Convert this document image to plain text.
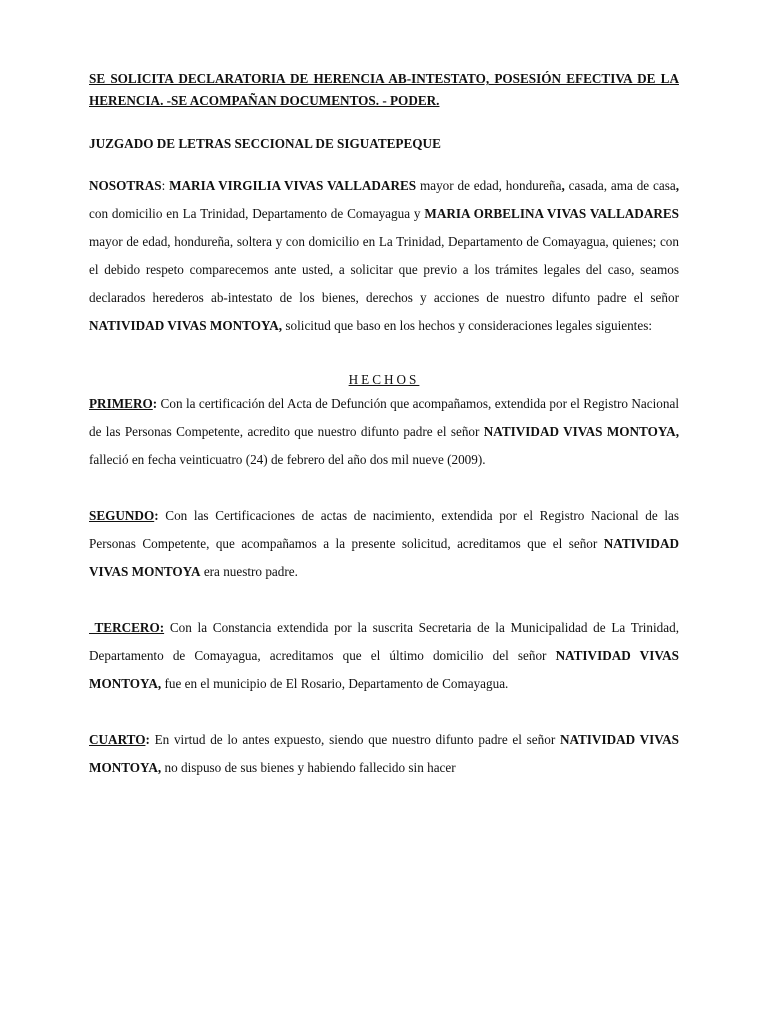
SE SOLICITA DECLARATORIA DE HERENCIA AB-INTESTATO, POSESIÓN EFECTIVA DE LA HERENCIA. -SE ACOMPAÑAN DOCUMENTOS. - PODER.

JUZGADO DE LETRAS SECCIONAL DE SIGUATEPEQUE

NOSOTRAS: MARIA VIRGILIA VIVAS VALLADARES mayor de edad, hondureña, casada, ama de casa, con domicilio en La Trinidad, Departamento de Comayagua y MARIA ORBELINA VIVAS VALLADARES mayor de edad, hondureña, soltera y con domicilio en La Trinidad, Departamento de Comayagua, quienes; con el debido respeto comparecemos ante usted, a solicitar que previo a los trámites legales del caso, seamos declarados herederos ab-intestato de los bienes, derechos y acciones de nuestro difunto padre el señor NATIVIDAD VIVAS MONTOYA, solicitud que baso en los hechos y consideraciones legales siguientes:

HECHOS

PRIMERO: Con la certificación del Acta de Defunción que acompañamos, extendida por el Registro Nacional de las Personas Competente, acredito que nuestro difunto padre el señor NATIVIDAD VIVAS MONTOYA, falleció en fecha veinticuatro (24) de febrero del año dos mil nueve (2009).

SEGUNDO: Con las Certificaciones de actas de nacimiento, extendida por el Registro Nacional de las Personas Competente, que acompañamos a la presente solicitud, acreditamos que el señor NATIVIDAD VIVAS MONTOYA era nuestro padre.

TERCERO: Con la Constancia extendida por la suscrita Secretaria de la Municipalidad de La Trinidad, Departamento de Comayagua, acreditamos que el último domicilio del señor NATIVIDAD VIVAS MONTOYA, fue en el municipio de El Rosario, Departamento de Comayagua.

CUARTO: En virtud de lo antes expuesto, siendo que nuestro difunto padre el señor NATIVIDAD VIVAS MONTOYA, no dispuso de sus bienes y habiendo fallecido sin hacer
